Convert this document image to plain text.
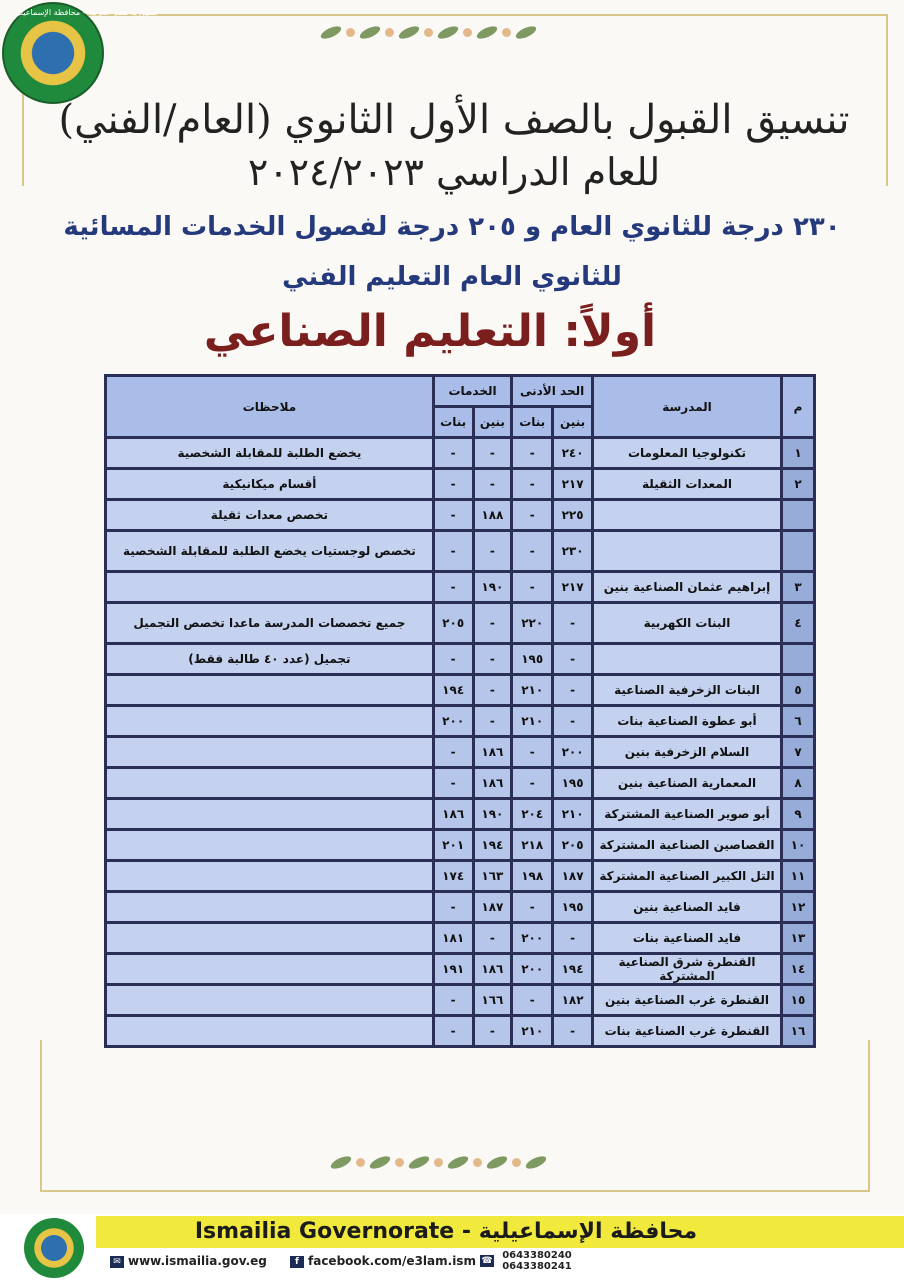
جمهورية مصر العربية - محافظة الإسماعيلية
تنسيق القبول بالصف الأول الثانوي (العام/الفني)
للعام الدراسي ٢٠٢٤/٢٠٢٣
٢٣٠ درجة للثانوي العام و ٢٠٥ درجة لفصول الخدمات المسائية
للثانوي العام التعليم الفني
أولاً: التعليم الصناعي
م	المدرسة	الحد الأدنى		الخدمات		ملاحظات
		بنين	بنات	بنين	بنات	
١	تكنولوجيا المعلومات	٢٤٠	-	-	-	يخضع الطلبة للمقابلة الشخصية
٢	المعدات الثقيلة	٢١٧	-	-	-	أقسام ميكانيكية
		٢٢٥	-	١٨٨	-	تخصص معدات ثقيلة
		٢٣٠	-	-	-	تخصص لوجستيات يخضع الطلبة للمقابلة الشخصية
٣	إبراهيم عثمان الصناعية بنين	٢١٧	-	١٩٠	-	
٤	البنات الكهربية	-	٢٢٠	-	٢٠٥	جميع تخصصات المدرسة ماعدا تخصص التجميل
		-	١٩٥	-	-	تجميل (عدد ٤٠ طالبة فقط)
٥	البنات الزخرفية الصناعية	-	٢١٠	-	١٩٤	
٦	أبو عطوة الصناعية بنات	-	٢١٠	-	٢٠٠	
٧	السلام الزخرفية بنين	٢٠٠	-	١٨٦	-	
٨	المعمارية الصناعية بنين	١٩٥	-	١٨٦	-	
٩	أبو صوير الصناعية المشتركة	٢١٠	٢٠٤	١٩٠	١٨٦	
١٠	القصاصين الصناعية المشتركة	٢٠٥	٢١٨	١٩٤	٢٠١	
١١	التل الكبير الصناعية المشتركة	١٨٧	١٩٨	١٦٣	١٧٤	
١٢	فايد الصناعية بنين	١٩٥	-	١٨٧	-	
١٣	فايد الصناعية بنات	-	٢٠٠	-	١٨١	
١٤	القنطرة شرق الصناعية المشتركة	١٩٤	٢٠٠	١٨٦	١٩١	
١٥	القنطرة غرب الصناعية بنين	١٨٢	-	١٦٦	-	
١٦	القنطرة غرب الصناعية بنات	-	٢١٠	-	-	
Ismailia Governorate - محافظة الإسماعيلية
✉ www.ismailia.gov.eg	f facebook.com/e3lam.ism ☎ 0643380240
0643380241
